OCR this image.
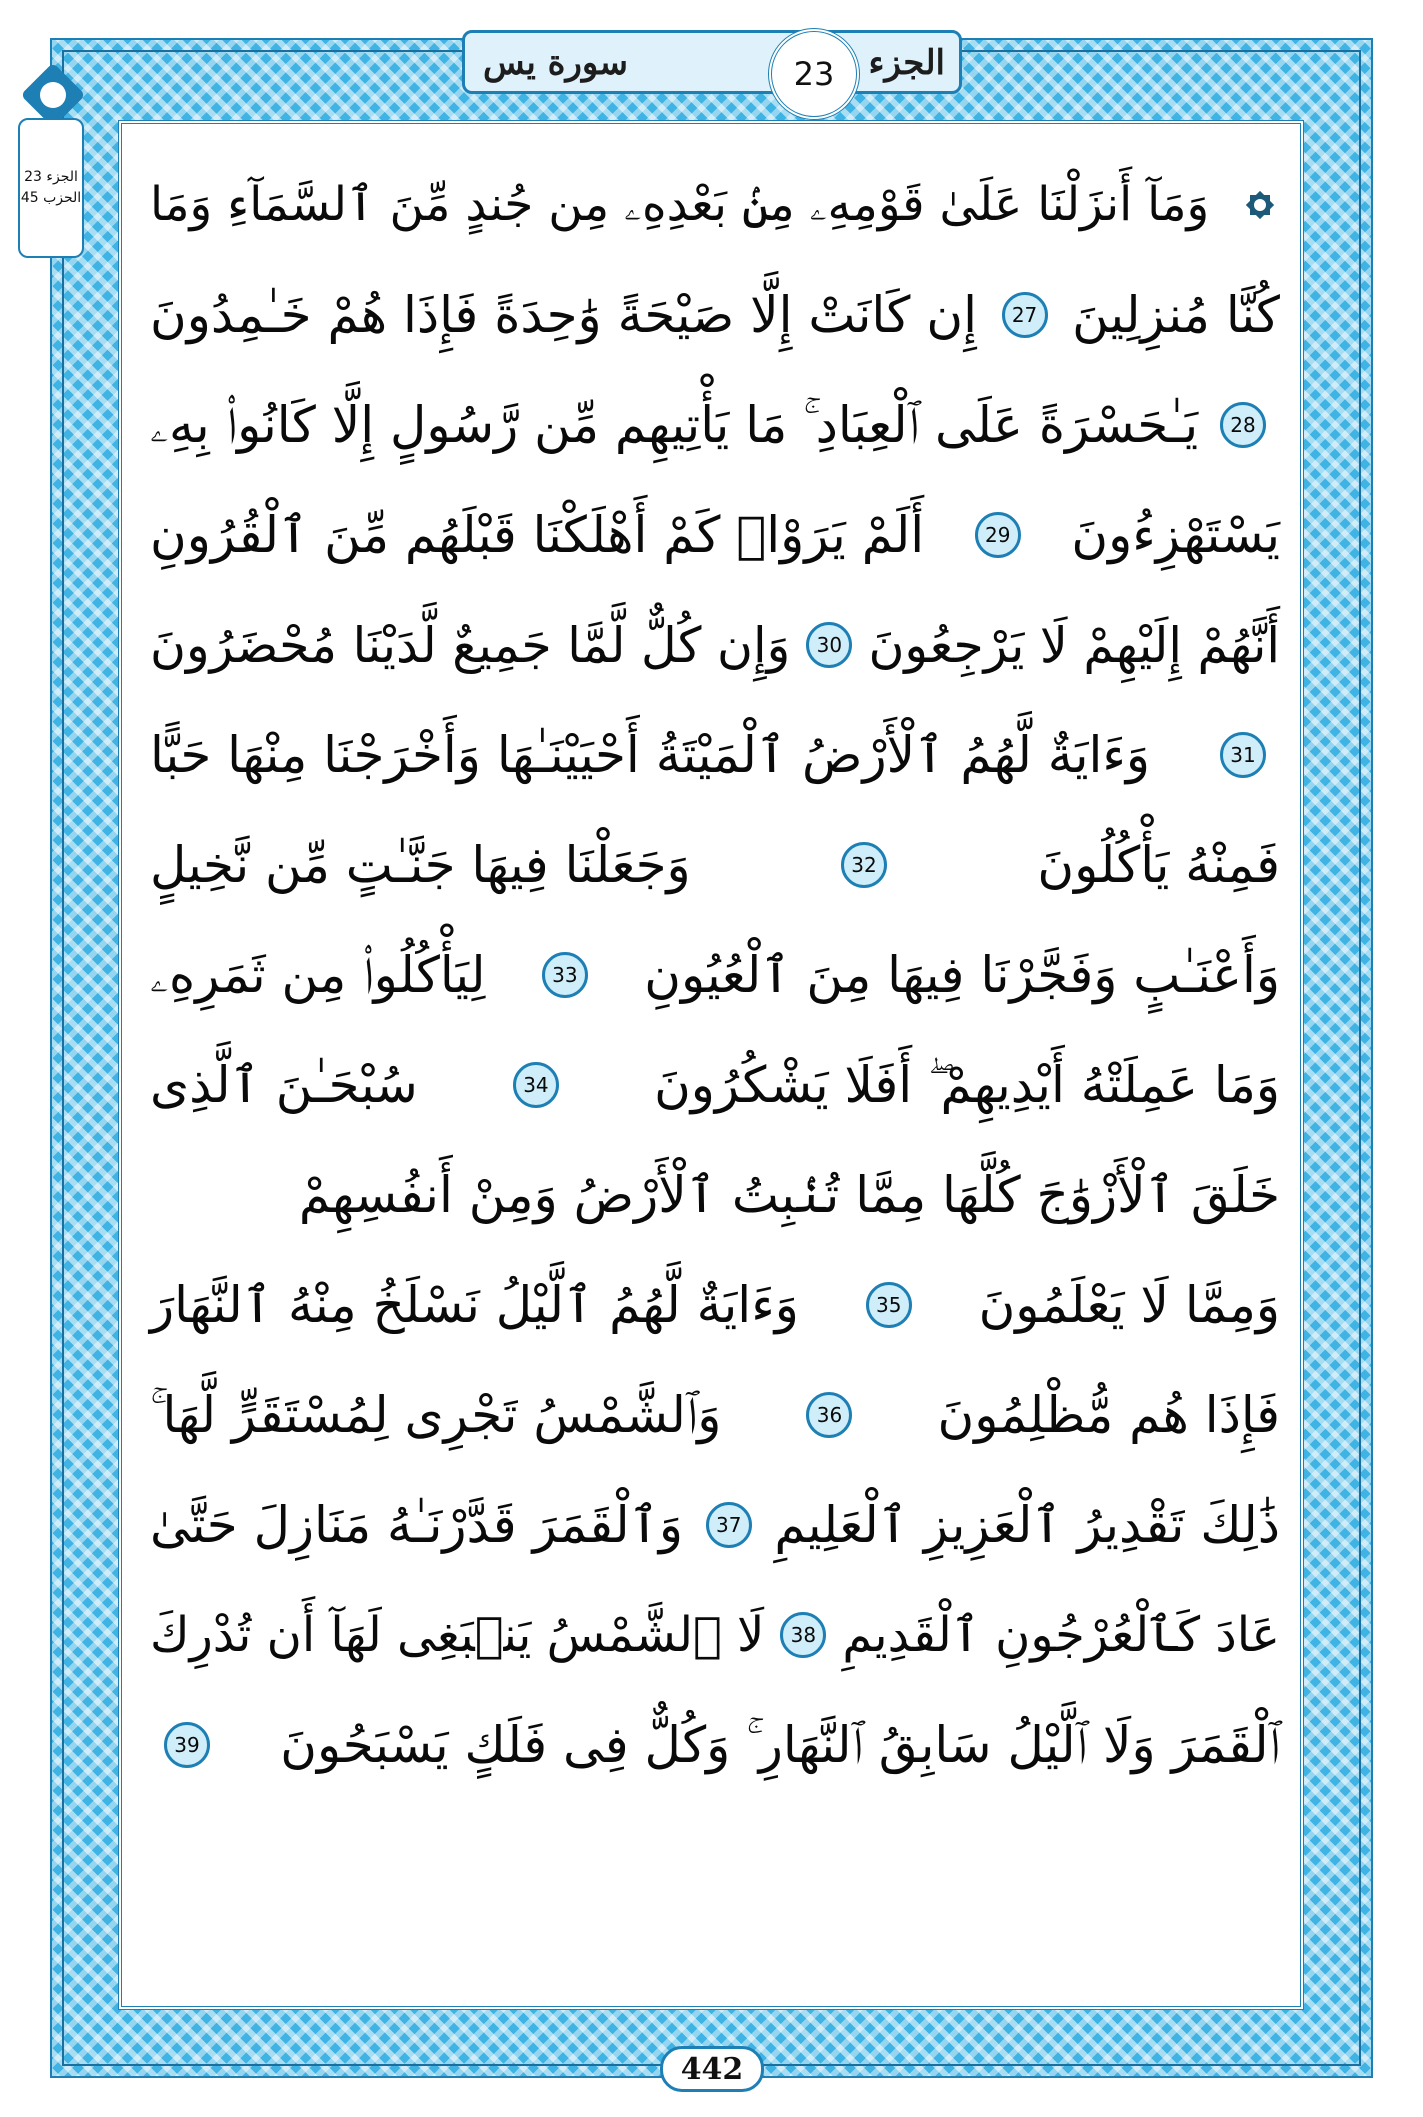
الجزء
سورة يس	23
الجزء 23
الحزب 45 وَمَآ أَنزَلْنَا عَلَىٰ قَوْمِهِۦ مِنۢ بَعْدِهِۦ مِن جُندٍ مِّنَ ٱلسَّمَآءِ وَمَا
كُنَّا مُنزِلِينَ
27
إِن كَانَتْ إِلَّا صَيْحَةً وَٰحِدَةً فَإِذَا هُمْ خَـٰمِدُونَ
28
يَـٰحَسْرَةً عَلَى ٱلْعِبَادِ ۚ مَا يَأْتِيهِم مِّن رَّسُولٍ إِلَّا كَانُوا۟ بِهِۦ
يَسْتَهْزِءُونَ
29
أَلَمْ يَرَوْا۟ كَمْ أَهْلَكْنَا قَبْلَهُم مِّنَ ٱلْقُرُونِ
أَنَّهُمْ إِلَيْهِمْ لَا يَرْجِعُونَ
30
وَإِن كُلٌّ لَّمَّا جَمِيعٌ لَّدَيْنَا مُحْضَرُونَ
31
وَءَايَةٌ لَّهُمُ ٱلْأَرْضُ ٱلْمَيْتَةُ أَحْيَيْنَـٰهَا وَأَخْرَجْنَا مِنْهَا حَبًّا
فَمِنْهُ يَأْكُلُونَ
32
وَجَعَلْنَا فِيهَا جَنَّـٰتٍ مِّن نَّخِيلٍ
وَأَعْنَـٰبٍ وَفَجَّرْنَا فِيهَا مِنَ ٱلْعُيُونِ
33
لِيَأْكُلُوا۟ مِن ثَمَرِهِۦ
وَمَا عَمِلَتْهُ أَيْدِيهِمْ ۖ أَفَلَا يَشْكُرُونَ
34
سُبْحَـٰنَ ٱلَّذِى
خَلَقَ ٱلْأَزْوَٰجَ كُلَّهَا مِمَّا تُنۢبِتُ ٱلْأَرْضُ وَمِنْ أَنفُسِهِمْ
وَمِمَّا لَا يَعْلَمُونَ
35
وَءَايَةٌ لَّهُمُ ٱلَّيْلُ نَسْلَخُ مِنْهُ ٱلنَّهَارَ
فَإِذَا هُم مُّظْلِمُونَ
36
وَٱلشَّمْسُ تَجْرِى لِمُسْتَقَرٍّ لَّهَا ۚ
ذَٰلِكَ تَقْدِيرُ ٱلْعَزِيزِ ٱلْعَلِيمِ
37
وَٱلْقَمَرَ قَدَّرْنَـٰهُ مَنَازِلَ حَتَّىٰ
عَادَ كَٱلْعُرْجُونِ ٱلْقَدِيمِ
38
لَا ٱلشَّمْسُ يَنۢبَغِى لَهَآ أَن تُدْرِكَ
ٱلْقَمَرَ وَلَا ٱلَّيْلُ سَابِقُ ٱلنَّهَارِ ۚ وَكُلٌّ فِى فَلَكٍ يَسْبَحُونَ
39
442
